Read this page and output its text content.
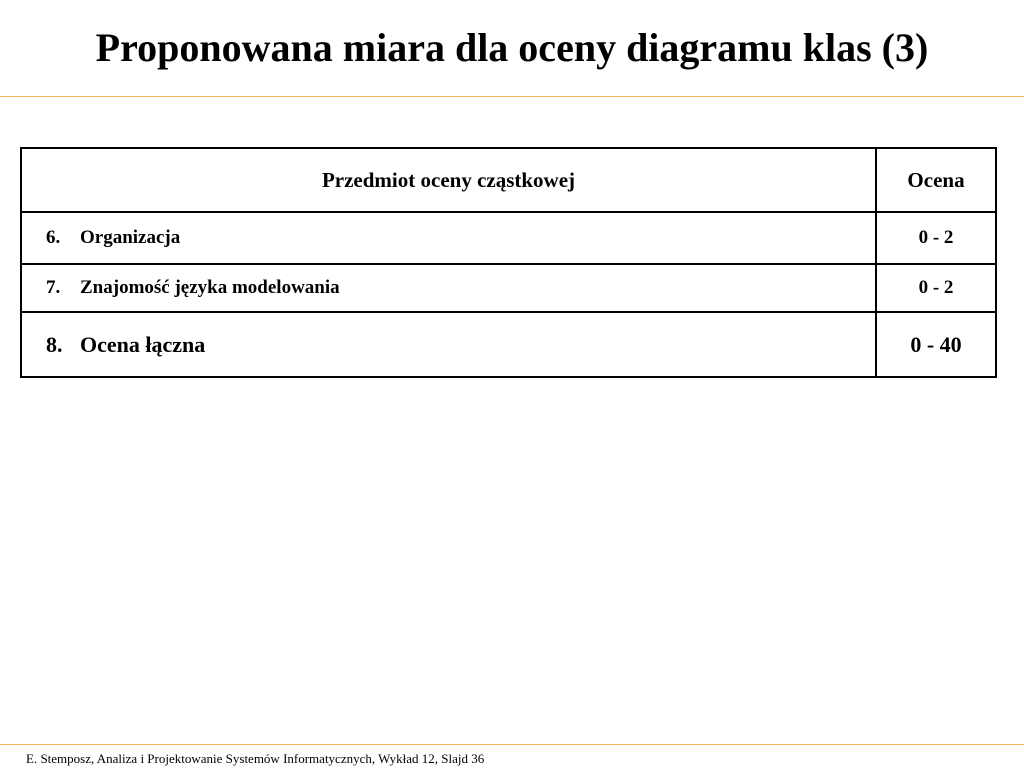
Proponowana miara dla oceny diagramu klas (3)
Przedmiot oceny cząstkowej	Ocena
6. Organizacja	0 - 2
7. Znajomość języka modelowania	0 - 2
8. Ocena łączna	0 - 40
E. Stemposz, Analiza i Projektowanie Systemów Informatycznych, Wykład 12, Slajd 36
